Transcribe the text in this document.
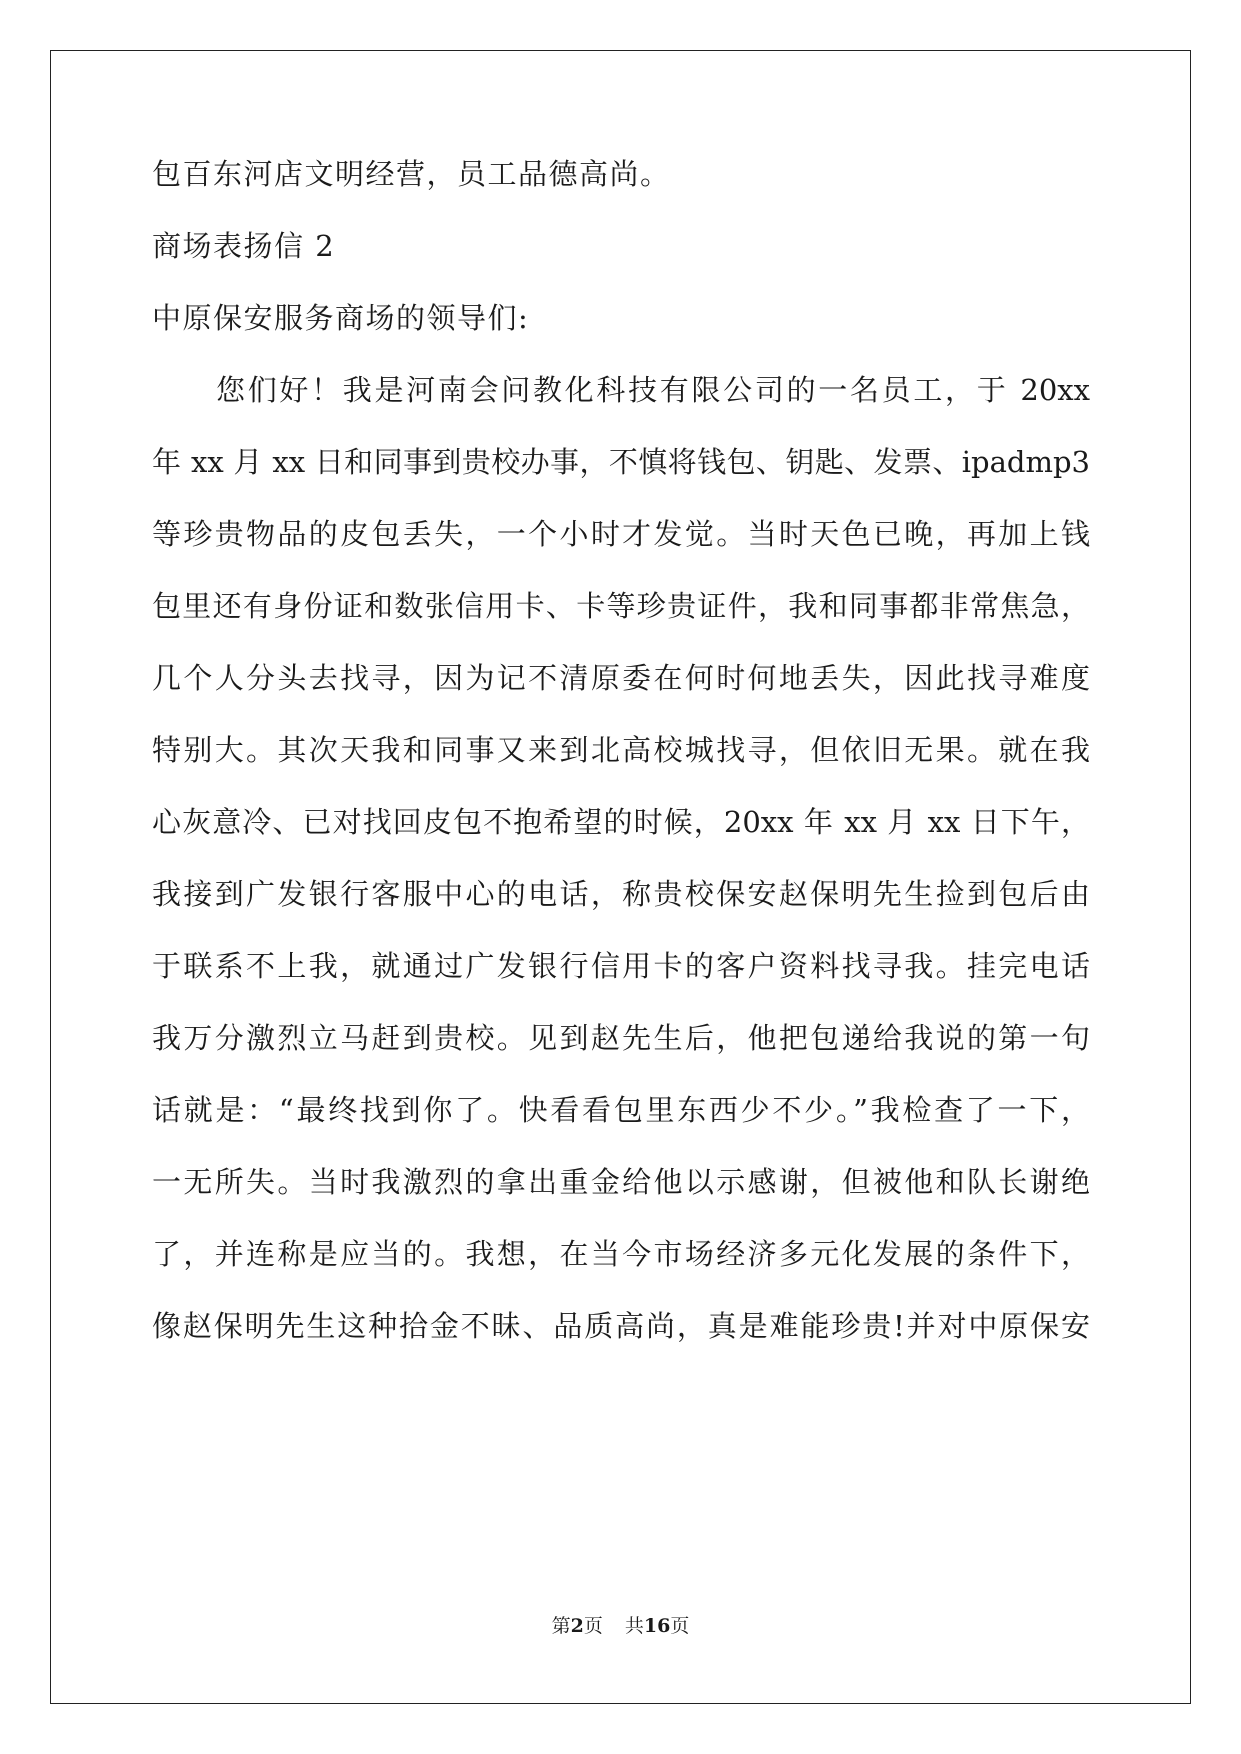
包百东河店文明经营，员工品德高尚。
商场表扬信 2
中原保安服务商场的领导们:
您们好！我是河南会问教化科技有限公司的一名员工，于 20xx
年 xx 月 xx 日和同事到贵校办事，不慎将钱包、钥匙、发票、ipadmp3
等珍贵物品的皮包丢失，一个小时才发觉。当时天色已晚，再加上钱
包里还有身份证和数张信用卡、卡等珍贵证件，我和同事都非常焦急，
几个人分头去找寻，因为记不清原委在何时何地丢失，因此找寻难度
特别大。其次天我和同事又来到北高校城找寻，但依旧无果。就在我
心灰意冷、已对找回皮包不抱希望的时候，20xx 年 xx 月 xx 日下午，
我接到广发银行客服中心的电话，称贵校保安赵保明先生捡到包后由
于联系不上我，就通过广发银行信用卡的客户资料找寻我。挂完电话
我万分激烈立马赶到贵校。见到赵先生后，他把包递给我说的第一句
话就是：“最终找到你了。快看看包里东西少不少。”我检查了一下，
一无所失。当时我激烈的拿出重金给他以示感谢，但被他和队长谢绝
了，并连称是应当的。我想，在当今市场经济多元化发展的条件下，
像赵保明先生这种拾金不昧、品质高尚，真是难能珍贵!并对中原保安
第2页 共16页
